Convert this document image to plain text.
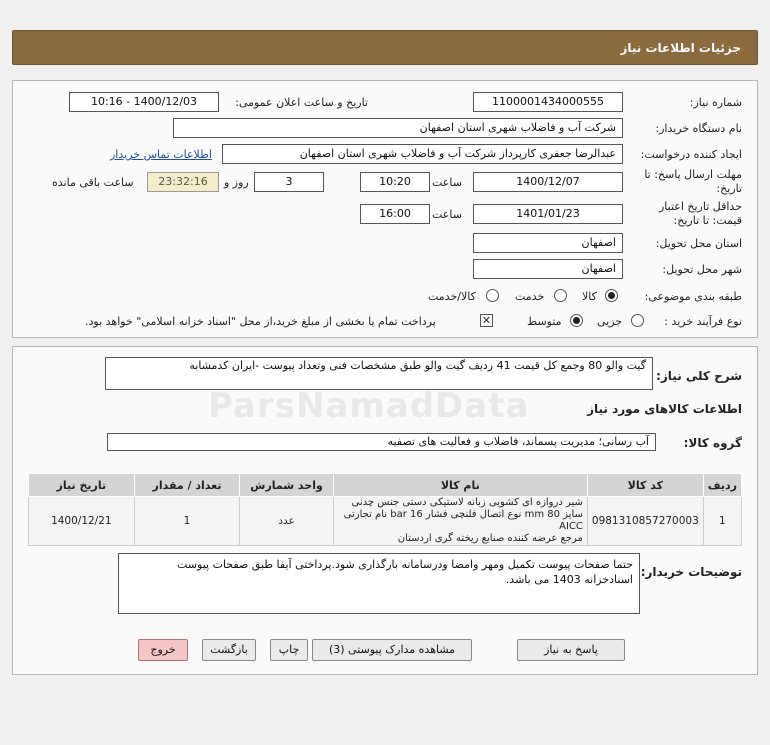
جزئیات اطلاعات نیاز
شماره نیاز:
1100001434000555
تاریخ و ساعت اعلان عمومی:
1400/12/03 - 10:16
نام دستگاه خریدار:
شرکت آب و فاضلاب شهری استان اصفهان
ایجاد کننده درخواست:
عبدالرضا جعفری کارپرداز شرکت آب و فاضلاب شهری استان اصفهان
اطلاعات تماس خریدار
مهلت ارسال پاسخ: تا
تاریخ:
1400/12/07
ساعت
10:20
3
روز و
23:32:16
ساعت باقی مانده
حداقل تاریخ اعتبار
قیمت: تا تاریخ:
1401/01/23
ساعت
16:00
استان محل تحویل:
اصفهان
شهر محل تحویل:
اصفهان
طبقه بندی موضوعی:
کالا
خدمت
کالا/خدمت
نوع فرآیند خرید :
جزیی
متوسط
✕
پرداخت تمام یا بخشی از مبلغ خرید،از محل "اسناد خزانه اسلامی" خواهد بود.
شرح کلی نیاز:
گیت والو 80 وجمع کل قیمت 41 ردیف گیت والو طبق مشخصات فنی وتعداد پیوست -ایران کدمشابه
اطلاعات کالاهای مورد نیاز
گروه کالا:
آب رسانی؛ مدیریت پسماند، فاضلاب و فعالیت های تصفیه
ردیف	کد کالا	نام کالا	واحد شمارش	تعداد / مقدار	تاریخ نیاز
1	0981310857270003	شیر دروازه ای کشویی زبانه لاستیکی دستی جنس چدنی
سایز mm 80 نوع اتصال فلنچی فشار bar 16 نام تجارتی AICC
مرجع عرضه کننده صنایع ریخته گری اردستان	عدد	1	1400/12/21
توضیحات خریدار:
حتما صفحات پیوست تکمیل ومهر وامضا ودرسامانه بارگذاری شود.پرداختی آیفا طبق صفحات پیوست اسنادخزانه 1403 می باشد.
پاسخ به نیاز
مشاهده مدارک پیوستی (3)
چاپ
بازگشت
خروج
